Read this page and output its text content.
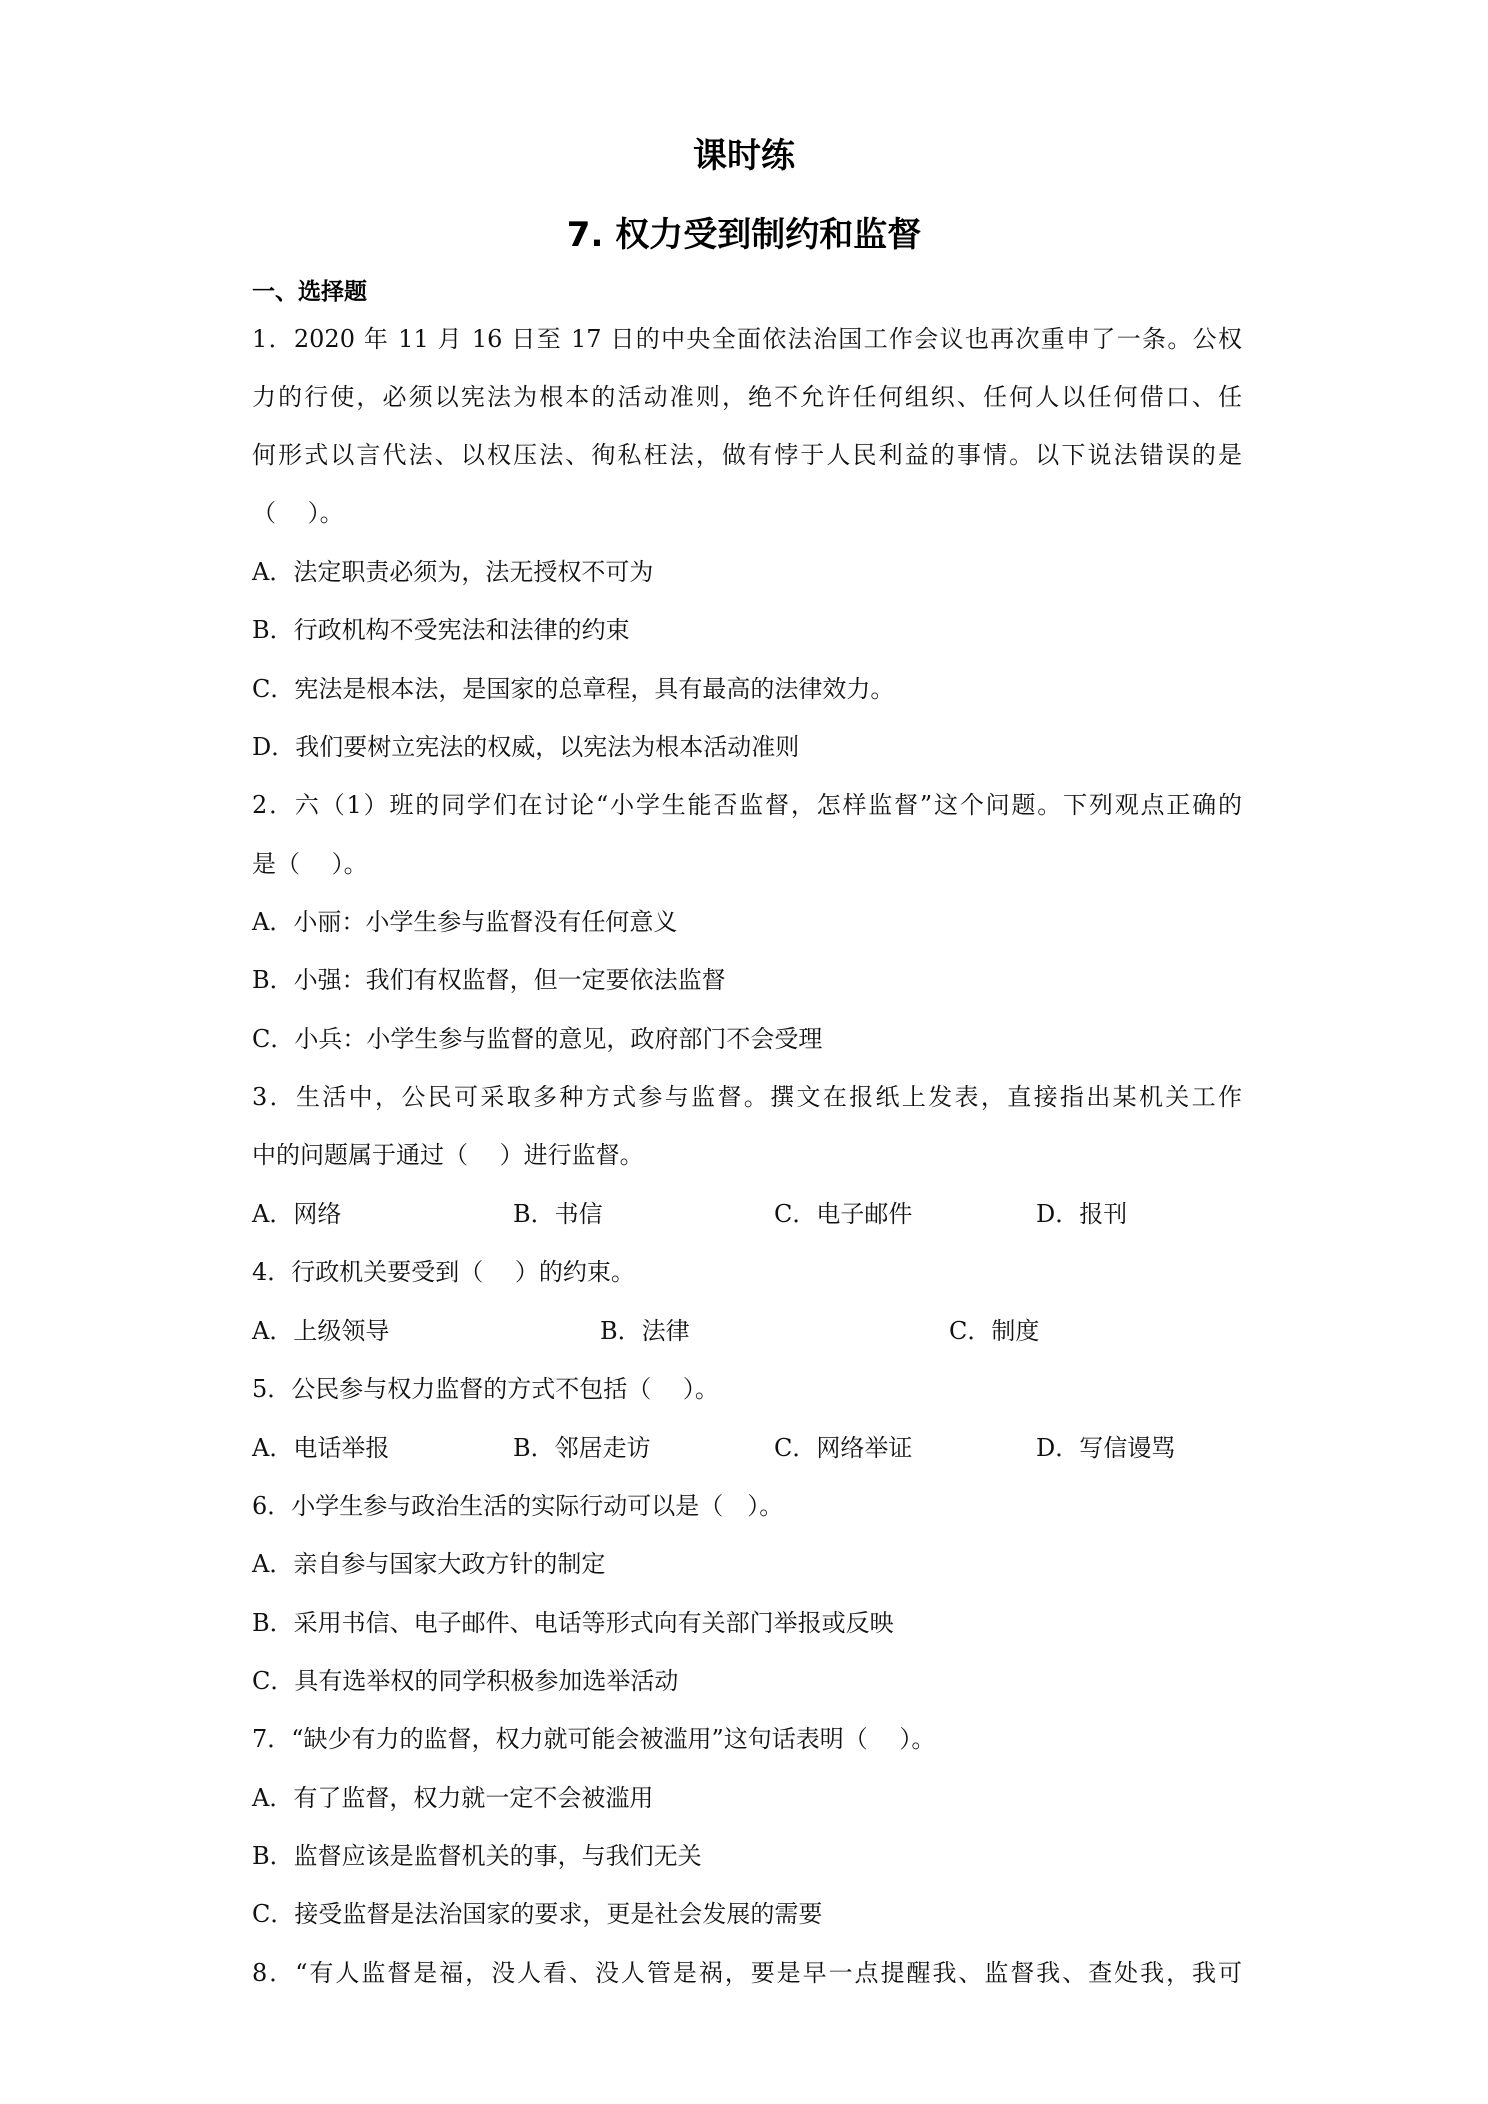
课时练
7. 权力受到制约和监督
一、选择题
1．2020 年 11 月 16 日至 17 日的中央全面依法治国工作会议也再次重申了一条。公权
力的行使，必须以宪法为根本的活动准则，绝不允许任何组织、任何人以任何借口、任
何形式以言代法、以权压法、徇私枉法，做有悖于人民利益的事情。以下说法错误的是
（　 ）。
A．法定职责必须为，法无授权不可为
B．行政机构不受宪法和法律的约束
C．宪法是根本法，是国家的总章程，具有最高的法律效力。
D．我们要树立宪法的权威，以宪法为根本活动准则
2．六（1）班的同学们在讨论“小学生能否监督，怎样监督”这个问题。下列观点正确的
是（　 ）。
A．小丽：小学生参与监督没有任何意义
B．小强：我们有权监督，但一定要依法监督
C．小兵：小学生参与监督的意见，政府部门不会受理
3．生活中，公民可采取多种方式参与监督。撰文在报纸上发表，直接指出某机关工作
中的问题属于通过（　 ）进行监督。
A．网络	B．书信	C．电子邮件	D．报刊
4．行政机关要受到（　 ）的约束。
A．上级领导	B．法律	C．制度
5．公民参与权力监督的方式不包括（　 ）。
A．电话举报	B．邻居走访	C．网络举证	D．写信谩骂
6．小学生参与政治生活的实际行动可以是（　）。
A．亲自参与国家大政方针的制定
B．采用书信、电子邮件、电话等形式向有关部门举报或反映
C．具有选举权的同学积极参加选举活动
7．“缺少有力的监督，权力就可能会被滥用”这句话表明（　 ）。
A．有了监督，权力就一定不会被滥用
B．监督应该是监督机关的事，与我们无关
C．接受监督是法治国家的要求，更是社会发展的需要
8．“有人监督是福，没人看、没人管是祸，要是早一点提醒我、监督我、查处我，我可
